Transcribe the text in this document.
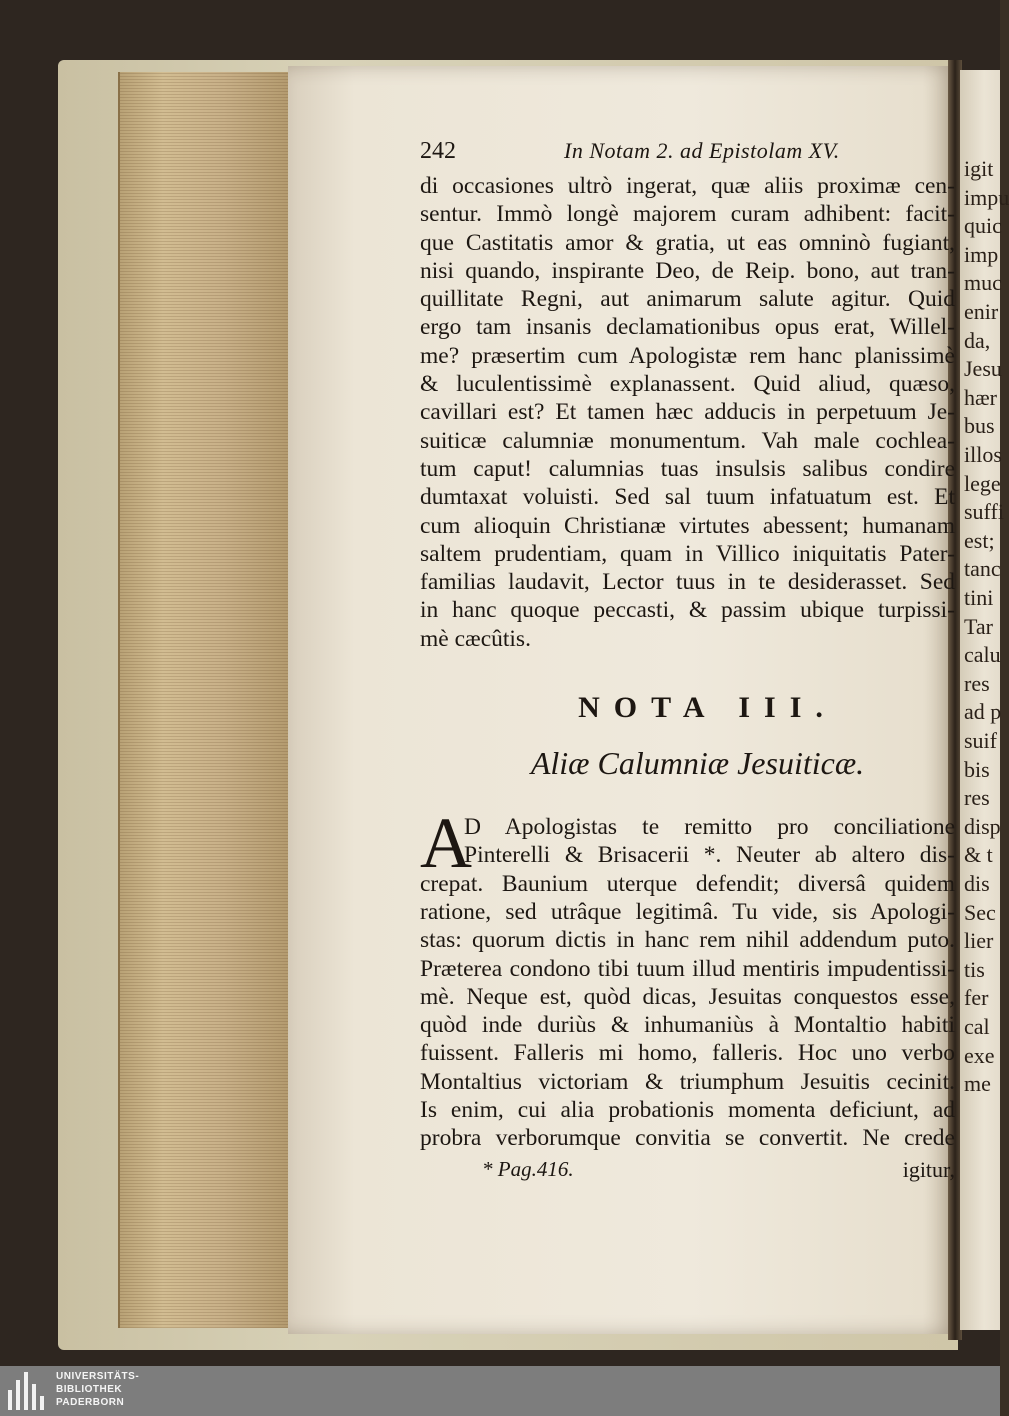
igit
impu
quic
imp
muc
enir
da,
Jesu
hær
bus
illos
lege
suffi
est;
tanc
tini
Tar
calu
res
ad p
suif
bis
res
disp
& t
dis
Sec
lier
tis
fer
cal
exe
me
242	In Notam 2. ad Epistolam XV.
di occasiones ultrò ingerat, quæ aliis proximæ cen-
sentur. Immò longè majorem curam adhibent: facit-
que Castitatis amor & gratia, ut eas omninò fugiant,
nisi quando, inspirante Deo, de Reip. bono, aut tran-
quillitate Regni, aut animarum salute agitur. Quid
ergo tam insanis declamationibus opus erat, Willel-
me? præsertim cum Apologistæ rem hanc planissimè
& luculentissimè explanassent. Quid aliud, quæso,
cavillari est? Et tamen hæc adducis in perpetuum Je-
suiticæ calumniæ monumentum. Vah male cochlea-
tum caput! calumnias tuas insulsis salibus condire
dumtaxat voluisti. Sed sal tuum infatuatum est. Et
cum alioquin Christianæ virtutes abessent; humanam
saltem prudentiam, quam in Villico iniquitatis Pater-
familias laudavit, Lector tuus in te desiderasset. Sed
in hanc quoque peccasti, & passim ubique turpissi-
mè cæcûtis.
NOTA III.
Aliæ Calumniæ Jesuiticæ.
A
D Apologistas te remitto pro conciliatione
Pinterelli & Brisacerii *. Neuter ab altero dis-
crepat. Baunium uterque defendit; diversâ quidem
ratione, sed utrâque legitimâ. Tu vide, sis Apologi-
stas: quorum dictis in hanc rem nihil addendum puto.
Præterea condono tibi tuum illud mentiris impudentissi-
mè. Neque est, quòd dicas, Jesuitas conquestos esse,
quòd inde duriùs & inhumaniùs à Montaltio habiti
fuissent. Falleris mi homo, falleris. Hoc uno verbo
Montaltius victoriam & triumphum Jesuitis cecinit.
Is enim, cui alia probationis momenta deficiunt, ad
probra verborumque convitia se convertit. Ne crede
* Pag.416.	igitur,
UNIVERSITÄTS-
BIBLIOTHEK
PADERBORN
